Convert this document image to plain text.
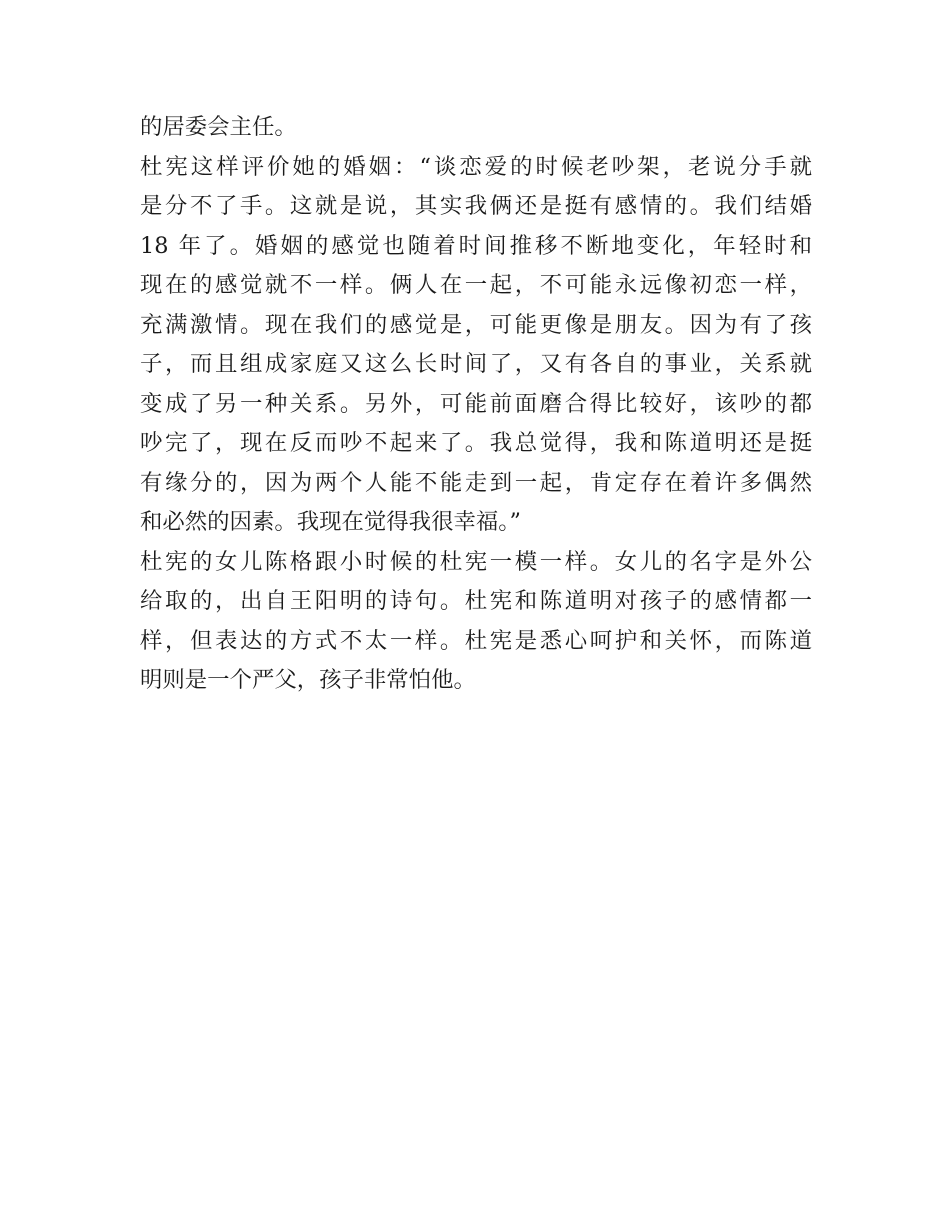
的居委会主任。
杜宪这样评价她的婚姻：“谈恋爱的时候老吵架，老说分手就
是分不了手。这就是说，其实我俩还是挺有感情的。我们结婚
18 年了。婚姻的感觉也随着时间推移不断地变化，年轻时和
现在的感觉就不一样。俩人在一起，不可能永远像初恋一样，
充满激情。现在我们的感觉是，可能更像是朋友。因为有了孩
子，而且组成家庭又这么长时间了，又有各自的事业，关系就
变成了另一种关系。另外，可能前面磨合得比较好，该吵的都
吵完了，现在反而吵不起来了。我总觉得，我和陈道明还是挺
有缘分的，因为两个人能不能走到一起，肯定存在着许多偶然
和必然的因素。我现在觉得我很幸福。”
杜宪的女儿陈格跟小时候的杜宪一模一样。女儿的名字是外公
给取的，出自王阳明的诗句。杜宪和陈道明对孩子的感情都一
样，但表达的方式不太一样。杜宪是悉心呵护和关怀，而陈道
明则是一个严父，孩子非常怕他。
